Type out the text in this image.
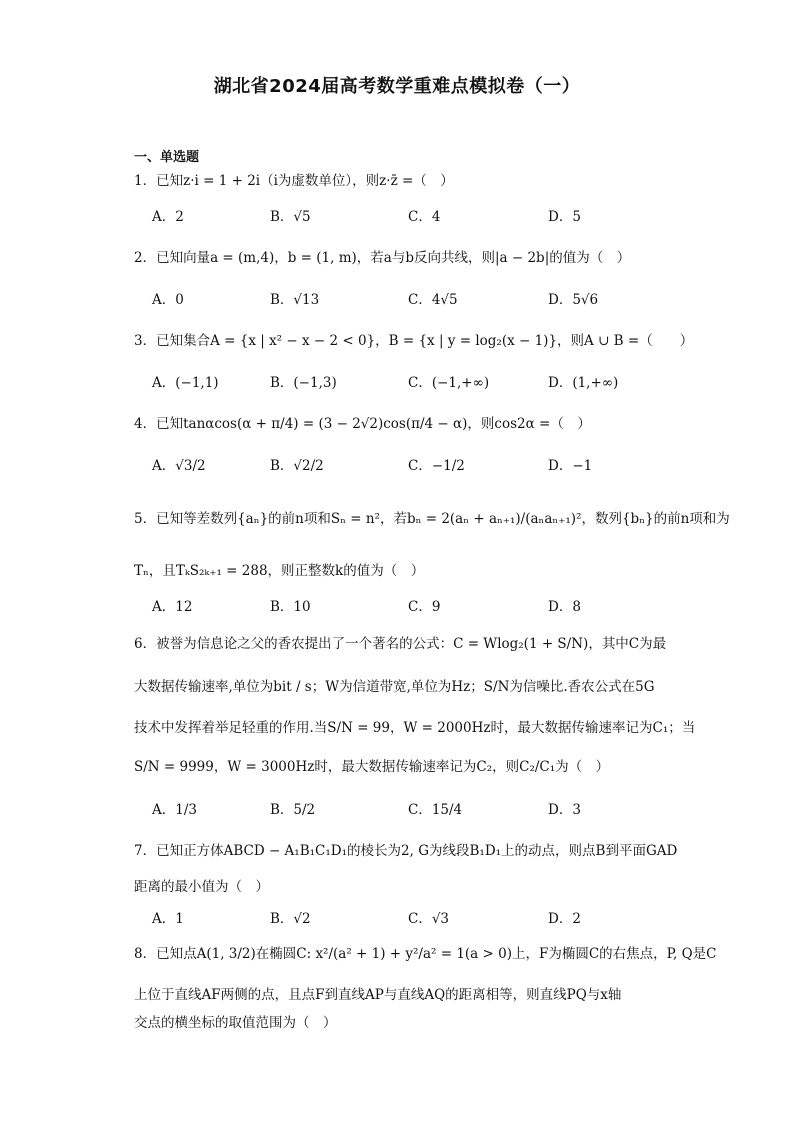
湖北省2024届高考数学重难点模拟卷（一）
一、单选题
1．已知z·i = 1 + 2i（i为虚数单位），则z·z̄ =（　）
A．2	B．√5	C．4	D．5
2．已知向量a = (m,4)，b = (1, m)，若a与b反向共线，则|a − 2b|的值为（　）
A．0	B．√13	C．4√5	D．5√6
3．已知集合A = {x | x² − x − 2 < 0}，B = {x | y = log₂(x − 1)}，则A ∪ B =（　　）
A．(−1,1)	B．(−1,3)	C．(−1,+∞)	D．(1,+∞)
4．已知tanαcos(α + π/4) = (3 − 2√2)cos(π/4 − α)，则cos2α =（　）
A．√3/2	B．√2/2	C．−1/2	D．−1
5．已知等差数列{aₙ}的前n项和Sₙ = n²，若bₙ = 2(aₙ + aₙ₊₁)/(aₙaₙ₊₁)²，数列{bₙ}的前n项和为
Tₙ，且TₖS₂ₖ₊₁ = 288，则正整数k的值为（　）
A．12	B．10	C．9	D．8
6．被誉为信息论之父的香农提出了一个著名的公式：C = Wlog₂(1 + S/N)，其中C为最
大数据传输速率,单位为bit / s；W为信道带宽,单位为Hz；S/N为信噪比.香农公式在5G
技术中发挥着举足轻重的作用.当S/N = 99，W = 2000Hz时，最大数据传输速率记为C₁；当
S/N = 9999，W = 3000Hz时，最大数据传输速率记为C₂，则C₂/C₁为（　）
A．1/3	B．5/2	C．15/4	D．3
7．已知正方体ABCD − A₁B₁C₁D₁的棱长为2, G为线段B₁D₁上的动点，则点B到平面GAD
距离的最小值为（　）
A．1	B．√2	C．√3	D．2
8．已知点A(1, 3/2)在椭圆C: x²/(a² + 1) + y²/a² = 1(a > 0)上，F为椭圆C的右焦点，P, Q是C
上位于直线AF两侧的点，且点F到直线AP与直线AQ的距离相等，则直线PQ与x轴
交点的横坐标的取值范围为（　）
